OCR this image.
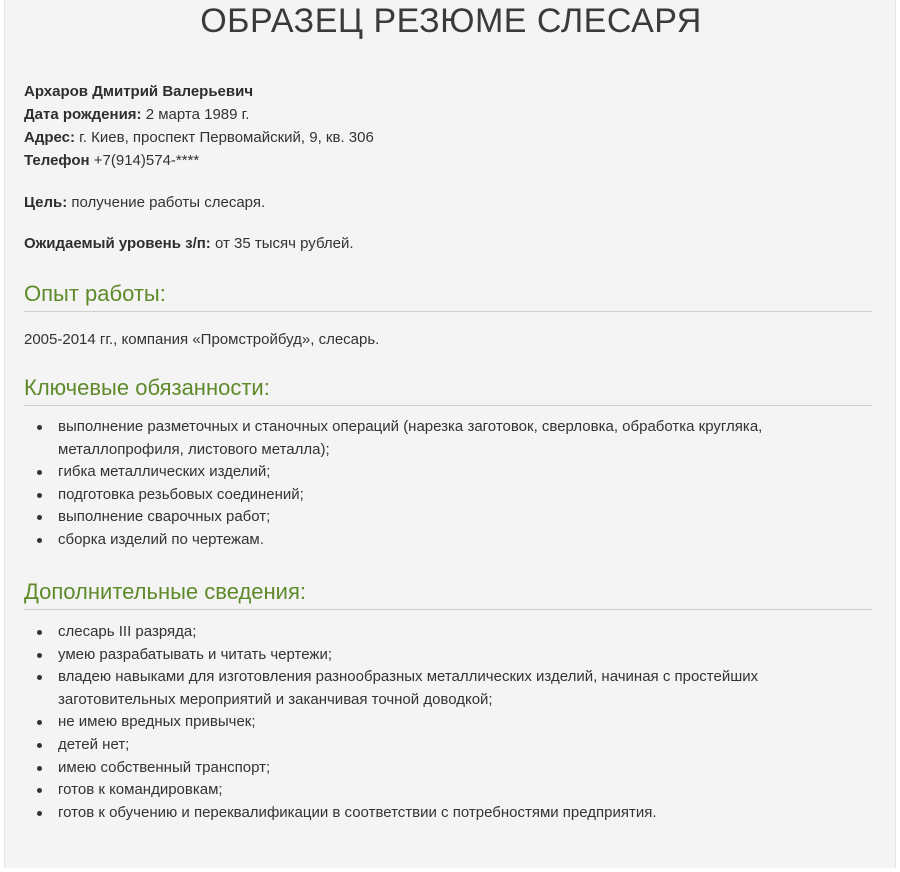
ОБРАЗЕЦ РЕЗЮМЕ СЛЕСАРЯ
Архаров Дмитрий Валерьевич
Дата рождения: 2 марта 1989 г.
Адрес: г. Киев, проспект Первомайский, 9, кв. 306
Телефон +7(914)574-****
Цель: получение работы слесаря.
Ожидаемый уровень з/п: от 35 тысяч рублей.
Опыт работы:
2005-2014 гг., компания «Промстройбуд», слесарь.
Ключевые обязанности:
выполнение разметочных и станочных операций (нарезка заготовок, сверловка, обработка кругляка, металлопрофиля, листового металла);
гибка металлических изделий;
подготовка резьбовых соединений;
выполнение сварочных работ;
сборка изделий по чертежам.
Дополнительные сведения:
слесарь III разряда;
умею разрабатывать и читать чертежи;
владею навыками для изготовления разнообразных металлических изделий, начиная с простейших заготовительных мероприятий и заканчивая точной доводкой;
не имею вредных привычек;
детей нет;
имею собственный транспорт;
готов к командировкам;
готов к обучению и переквалификации в соответствии с потребностями предприятия.
